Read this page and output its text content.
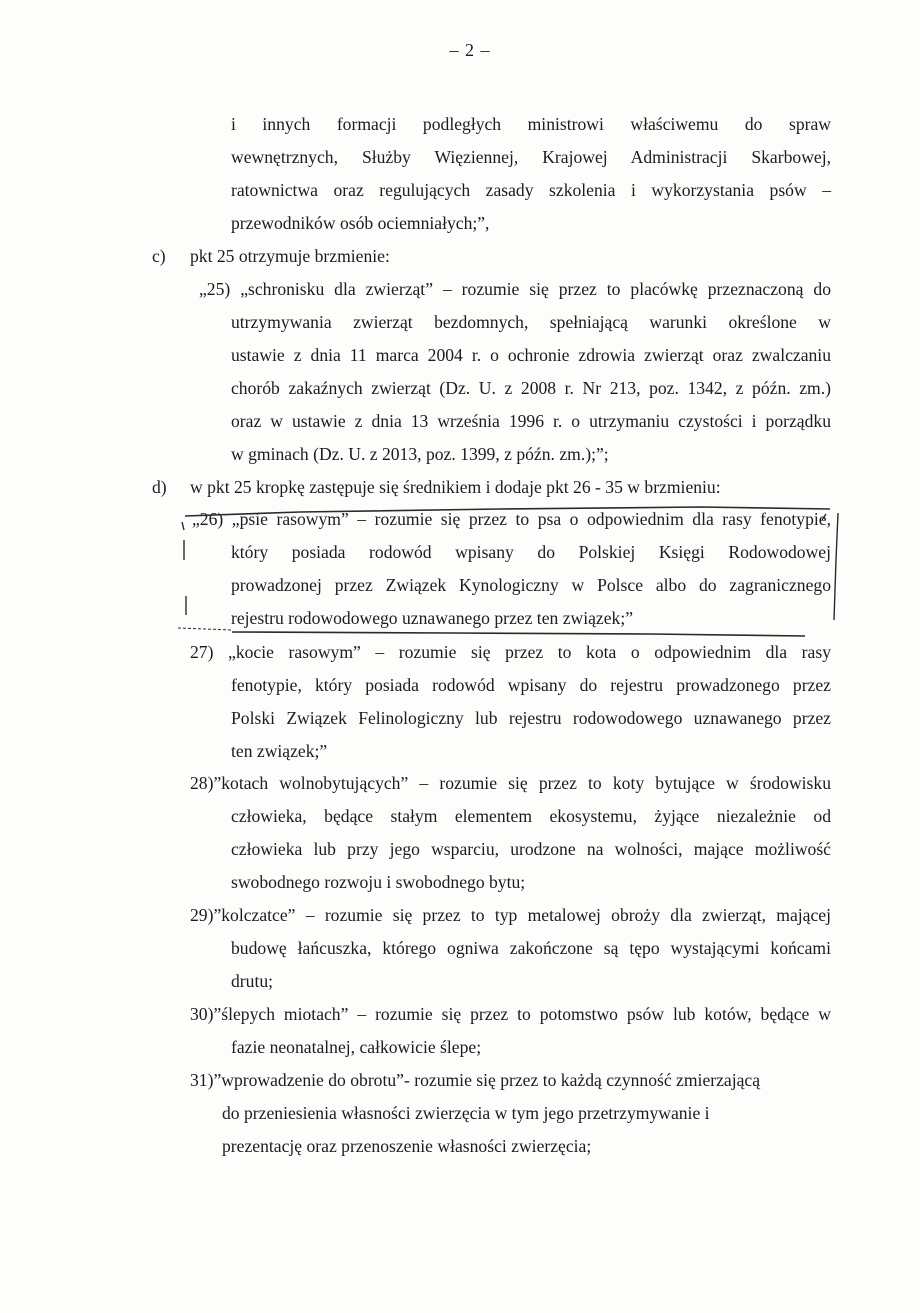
– 2 –
i innych formacji podległych ministrowi właściwemu do spraw
wewnętrznych, Służby Więziennej, Krajowej Administracji Skarbowej,
ratownictwa oraz regulujących zasady szkolenia i wykorzystania psów –
przewodników osób ociemniałych;”,
c) pkt 25 otrzymuje brzmienie:
„25) „schronisku dla zwierząt” – rozumie się przez to placówkę przeznaczoną do
utrzymywania zwierząt bezdomnych, spełniającą warunki określone w
ustawie z dnia 11 marca 2004 r. o ochronie zdrowia zwierząt oraz zwalczaniu
chorób zakaźnych zwierząt (Dz. U. z 2008 r. Nr 213, poz. 1342, z późn. zm.)
oraz w ustawie z dnia 13 września 1996 r. o utrzymaniu czystości i porządku
w gminach (Dz. U. z 2013, poz. 1399, z późn. zm.);”;
d) w pkt 25 kropkę zastępuje się średnikiem i dodaje pkt 26 - 35 w brzmieniu:
„26) „psie rasowym” – rozumie się przez to psa o odpowiednim dla rasy fenotypie,
który posiada rodowód wpisany do Polskiej Księgi Rodowodowej
prowadzonej przez Związek Kynologiczny w Polsce albo do zagranicznego
rejestru rodowodowego uznawanego przez ten związek;”
27) „kocie rasowym” – rozumie się przez to kota o odpowiednim dla rasy
fenotypie, który posiada rodowód wpisany do rejestru prowadzonego przez
Polski Związek Felinologiczny lub rejestru rodowodowego uznawanego przez
ten związek;”
28)”kotach wolnobytujących” – rozumie się przez to koty bytujące w środowisku
człowieka, będące stałym elementem ekosystemu, żyjące niezależnie od
człowieka lub przy jego wsparciu, urodzone na wolności, mające możliwość
swobodnego rozwoju i swobodnego bytu;
29)”kolczatce” – rozumie się przez to typ metalowej obroży dla zwierząt, mającej
budowę łańcuszka, którego ogniwa zakończone są tępo wystającymi końcami
drutu;
30)”ślepych miotach” – rozumie się przez to potomstwo psów lub kotów, będące w
fazie neonatalnej, całkowicie ślepe;
31)”wprowadzenie do obrotu”- rozumie się przez to każdą czynność zmierzającą
do przeniesienia własności zwierzęcia w tym jego przetrzymywanie i
prezentację oraz przenoszenie własności zwierzęcia;
